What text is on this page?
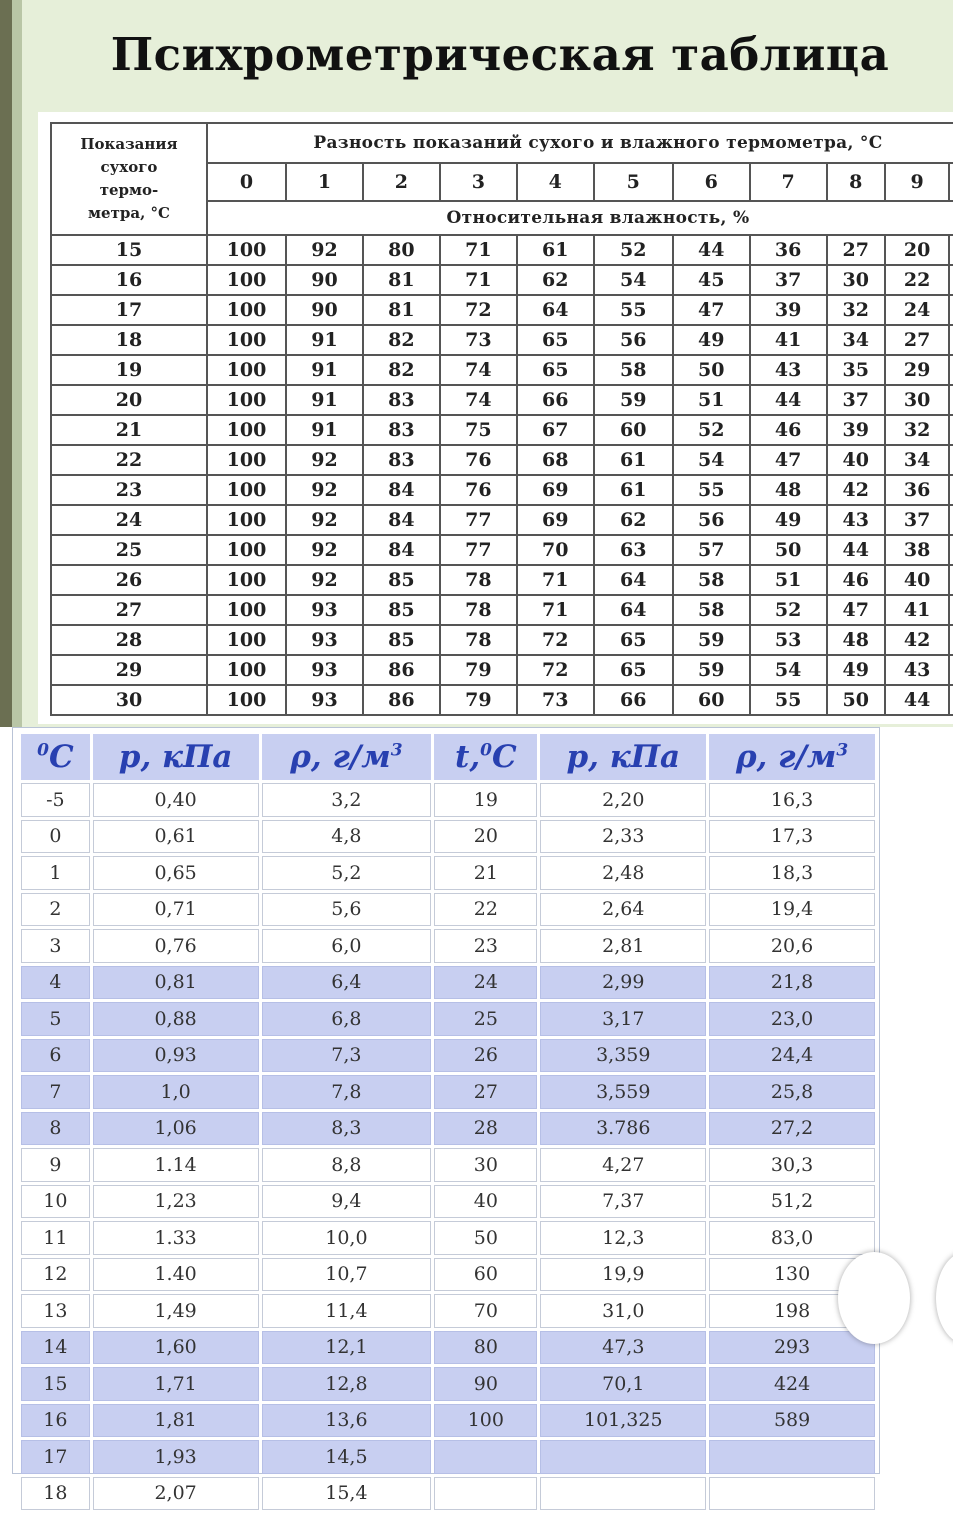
Психрометрическая таблица
Показания
сухого
термо-
метра, °C	Разность показаний сухого и влажного термометра, °C										
	0	1	2	3	4	5	6	7	8	9	
	Относительная влажность, %										
15	100	92	80	71	61	52	44	36	27	20	
16	100	90	81	71	62	54	45	37	30	22	
17	100	90	81	72	64	55	47	39	32	24	
18	100	91	82	73	65	56	49	41	34	27	
19	100	91	82	74	65	58	50	43	35	29	
20	100	91	83	74	66	59	51	44	37	30	
21	100	91	83	75	67	60	52	46	39	32	
22	100	92	83	76	68	61	54	47	40	34	
23	100	92	84	76	69	61	55	48	42	36	
24	100	92	84	77	69	62	56	49	43	37	
25	100	92	84	77	70	63	57	50	44	38	
26	100	92	85	78	71	64	58	51	46	40	
27	100	93	85	78	71	64	58	52	47	41	
28	100	93	85	78	72	65	59	53	48	42	
29	100	93	86	79	72	65	59	54	49	43	
30	100	93	86	79	73	66	60	55	50	44	
$^0$C	p, кПа	ρ, $г/м^3$	t,$^0$C	p, кПа	ρ, $г/м^3$
-5	0,40	3,2	19	2,20	16,3
0	0,61	4,8	20	2,33	17,3
1	0,65	5,2	21	2,48	18,3
2	0,71	5,6	22	2,64	19,4
3	0,76	6,0	23	2,81	20,6
4	0,81	6,4	24	2,99	21,8
5	0,88	6,8	25	3,17	23,0
6	0,93	7,3	26	3,359	24,4
7	1,0	7,8	27	3,559	25,8
8	1,06	8,3	28	3.786	27,2
9	1.14	8,8	30	4,27	30,3
10	1,23	9,4	40	7,37	51,2
11	1.33	10,0	50	12,3	83,0
12	1.40	10,7	60	19,9	130
13	1,49	11,4	70	31,0	198
14	1,60	12,1	80	47,3	293
15	1,71	12,8	90	70,1	424
16	1,81	13,6	100	101,325	589
17	1,93	14,5			
18	2,07	15,4			
